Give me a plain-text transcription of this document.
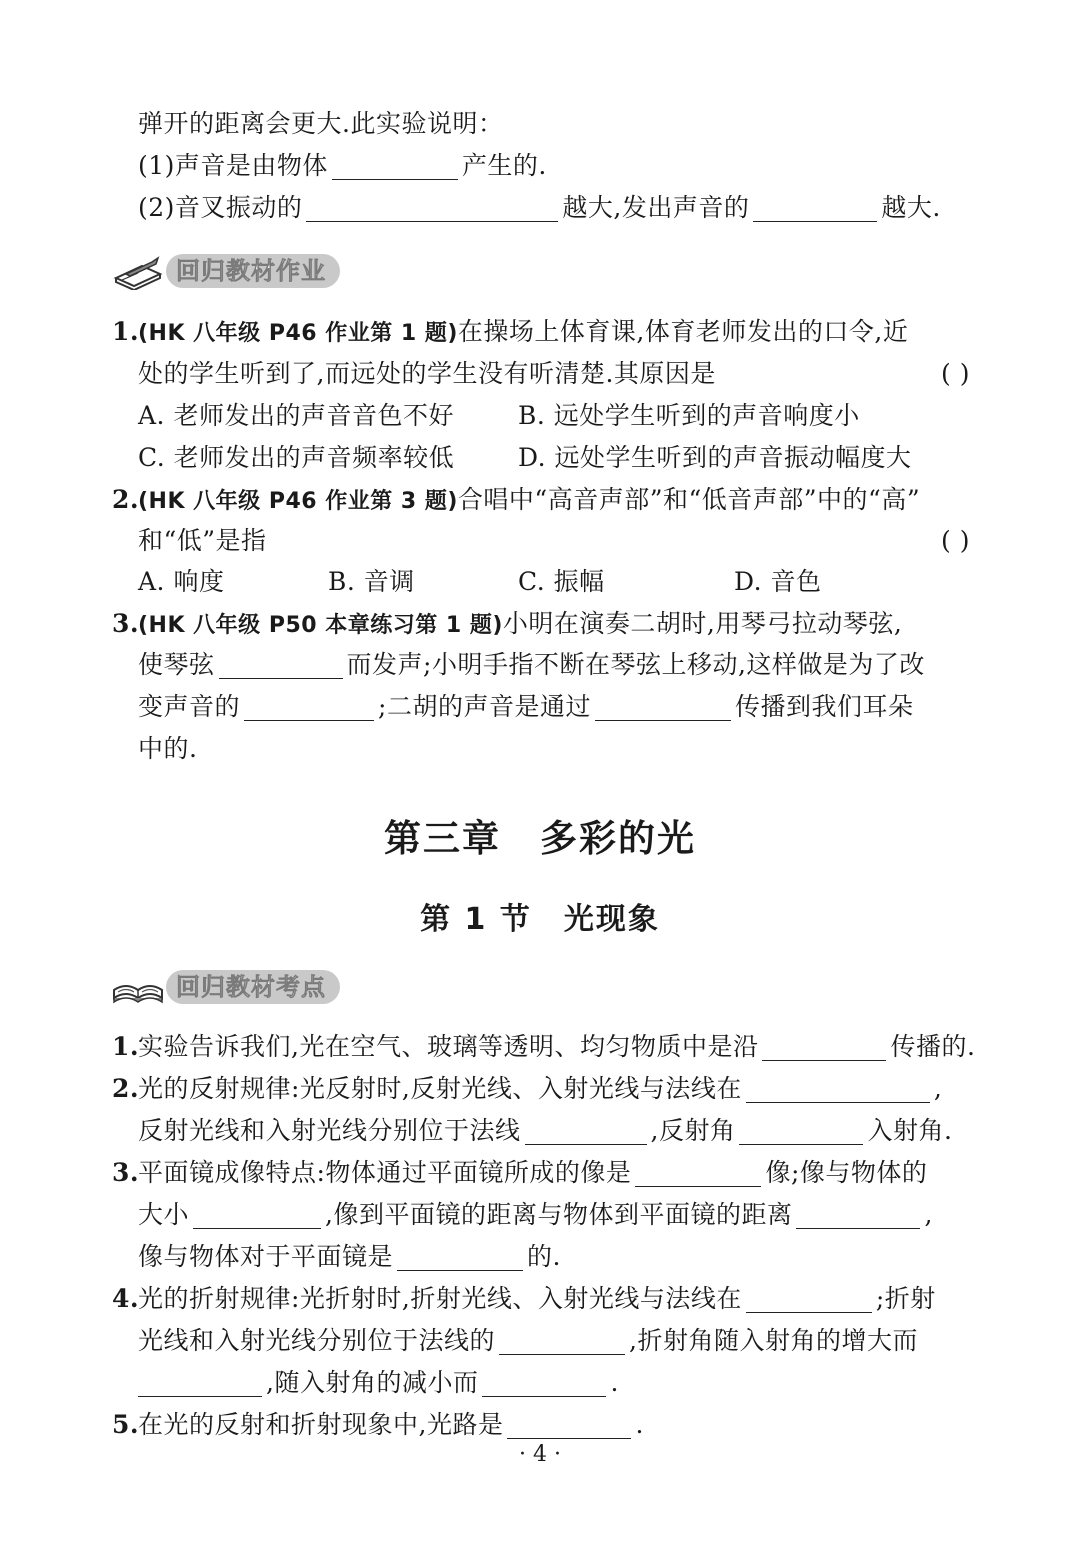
弹开的距离会更大.此实验说明：
(1)声音是由物体	产生的.
(2)音叉振动的	越大,发出声音的	越大.
回归教材作业
1.(HK 八年级 P46 作业第 1 题)在操场上体育课,体育老师发出的口令,近
处的学生听到了,而远处的学生没有听清楚.其原因是	( )
A. 老师发出的声音音色不好	B. 远处学生听到的声音响度小
C. 老师发出的声音频率较低	D. 远处学生听到的声音振动幅度大
2.(HK 八年级 P46 作业第 3 题)合唱中“高音声部”和“低音声部”中的“高”
和“低”是指	( )
A. 响度	B. 音调	C. 振幅	D. 音色
3.(HK 八年级 P50 本章练习第 1 题)小明在演奏二胡时,用琴弓拉动琴弦,
使琴弦	而发声;小明手指不断在琴弦上移动,这样做是为了改
变声音的	;二胡的声音是通过	传播到我们耳朵
中的.
第三章　多彩的光
第 1 节　光现象
回归教材考点
1.实验告诉我们,光在空气、玻璃等透明、均匀物质中是沿	传播的.
2.光的反射规律:光反射时,反射光线、入射光线与法线在	,
反射光线和入射光线分别位于法线	,反射角	入射角.
3.平面镜成像特点:物体通过平面镜所成的像是	像;像与物体的
大小	,像到平面镜的距离与物体到平面镜的距离	,
像与物体对于平面镜是	的.
4.光的折射规律:光折射时,折射光线、入射光线与法线在	;折射
光线和入射光线分别位于法线的	,折射角随入射角的增大而
,随入射角的减小而	.
5.在光的反射和折射现象中,光路是	.
· 4 ·
